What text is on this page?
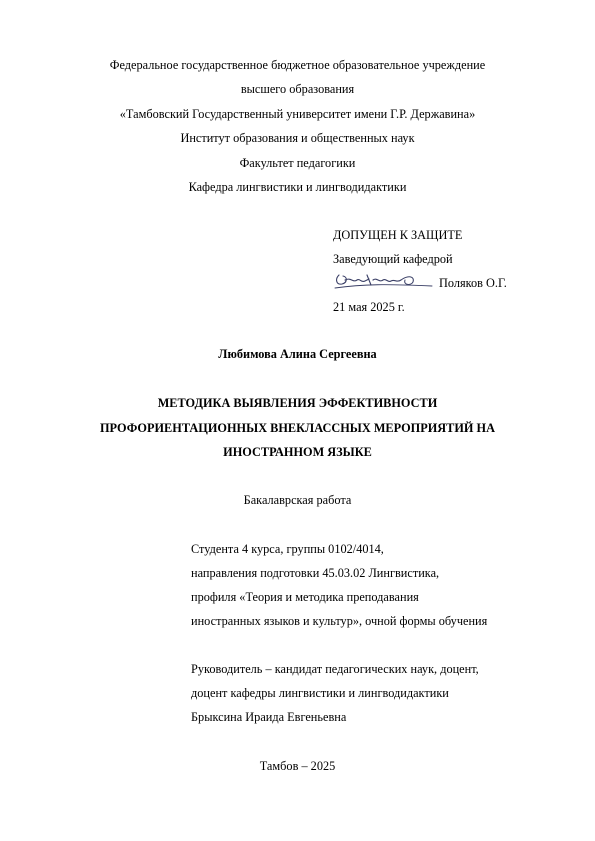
Федеральное государственное бюджетное образовательное учреждение
высшего образования
«Тамбовский Государственный университет имени Г.Р. Державина»
Институт образования и общественных наук
Факультет педагогики
Кафедра лингвистики и лингводидактики
ДОПУЩЕН К ЗАЩИТЕ
Заведующий кафедрой
Поляков О.Г.
21 мая 2025 г.
Любимова Алина Сергеевна
МЕТОДИКА ВЫЯВЛЕНИЯ ЭФФЕКТИВНОСТИ
ПРОФОРИЕНТАЦИОННЫХ ВНЕКЛАССНЫХ МЕРОПРИЯТИЙ НА
ИНОСТРАННОМ ЯЗЫКЕ
Бакалаврская работа
Студента 4 курса, группы 0102/4014,
направления подготовки 45.03.02 Лингвистика,
профиля «Теория и методика преподавания
иностранных языков и культур», очной формы обучения
Руководитель – кандидат педагогических наук, доцент,
доцент кафедры лингвистики и лингводидактики
Брыксина Ираида Евгеньевна
Тамбов – 2025
